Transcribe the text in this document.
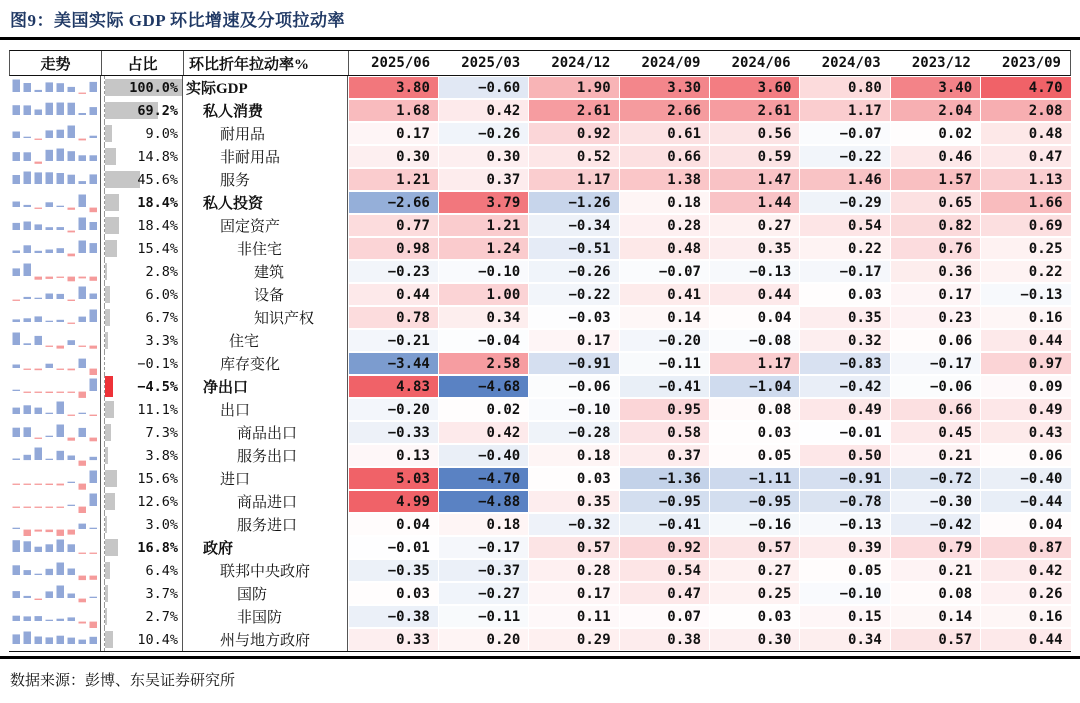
图9：美国实际 GDP 环比增速及分项拉动率
走势	占比	环比折年拉动率%	2025/06	2025/03	2024/12	2024/09	2024/06	2024/03	2023/12	2023/09
100.0% 实际GDP	3.80	−0.60	1.90	3.30	3.60	0.80	3.40	4.70
69.2%	私人消费	1.68	0.42	2.61	2.66	2.61	1.17	2.04	2.08
9.0%	耐用品	0.17	−0.26	0.92	0.61	0.56	−0.07	0.02	0.48
14.8%	非耐用品	0.30	0.30	0.52	0.66	0.59	−0.22	0.46	0.47
45.6%	服务	1.21	0.37	1.17	1.38	1.47	1.46	1.57	1.13
18.4%	私人投资	−2.66	3.79	−1.26	0.18	1.44	−0.29	0.65	1.66
18.4%	固定资产	0.77	1.21	−0.34	0.28	0.27	0.54	0.82	0.69
15.4%	非住宅	0.98	1.24	−0.51	0.48	0.35	0.22	0.76	0.25
2.8%	建筑	−0.23	−0.10	−0.26	−0.07	−0.13	−0.17	0.36	0.22
6.0%	设备	0.44	1.00	−0.22	0.41	0.44	0.03	0.17	−0.13
6.7%	知识产权	0.78	0.34	−0.03	0.14	0.04	0.35	0.23	0.16
3.3%	住宅	−0.21	−0.04	0.17	−0.20	−0.08	0.32	0.06	0.44
−0.1%	库存变化	−3.44	2.58	−0.91	−0.11	1.17	−0.83	−0.17	0.97
−4.5%	净出口	4.83	−4.68	−0.06	−0.41	−1.04	−0.42	−0.06	0.09
11.1%	出口	−0.20	0.02	−0.10	0.95	0.08	0.49	0.66	0.49
7.3%	商品出口	−0.33	0.42	−0.28	0.58	0.03	−0.01	0.45	0.43
3.8%	服务出口	0.13	−0.40	0.18	0.37	0.05	0.50	0.21	0.06
15.6%	进口	5.03	−4.70	0.03	−1.36	−1.11	−0.91	−0.72	−0.40
12.6%	商品进口	4.99	−4.88	0.35	−0.95	−0.95	−0.78	−0.30	−0.44
3.0%	服务进口	0.04	0.18	−0.32	−0.41	−0.16	−0.13	−0.42	0.04
16.8%	政府	−0.01	−0.17	0.57	0.92	0.57	0.39	0.79	0.87
6.4%	联邦中央政府	−0.35	−0.37	0.28	0.54	0.27	0.05	0.21	0.42
3.7%	国防	0.03	−0.27	0.17	0.47	0.25	−0.10	0.08	0.26
2.7%	非国防	−0.38	−0.11	0.11	0.07	0.03	0.15	0.14	0.16
10.4%	州与地方政府	0.33	0.20	0.29	0.38	0.30	0.34	0.57	0.44
数据来源：彭博、东吴证券研究所
